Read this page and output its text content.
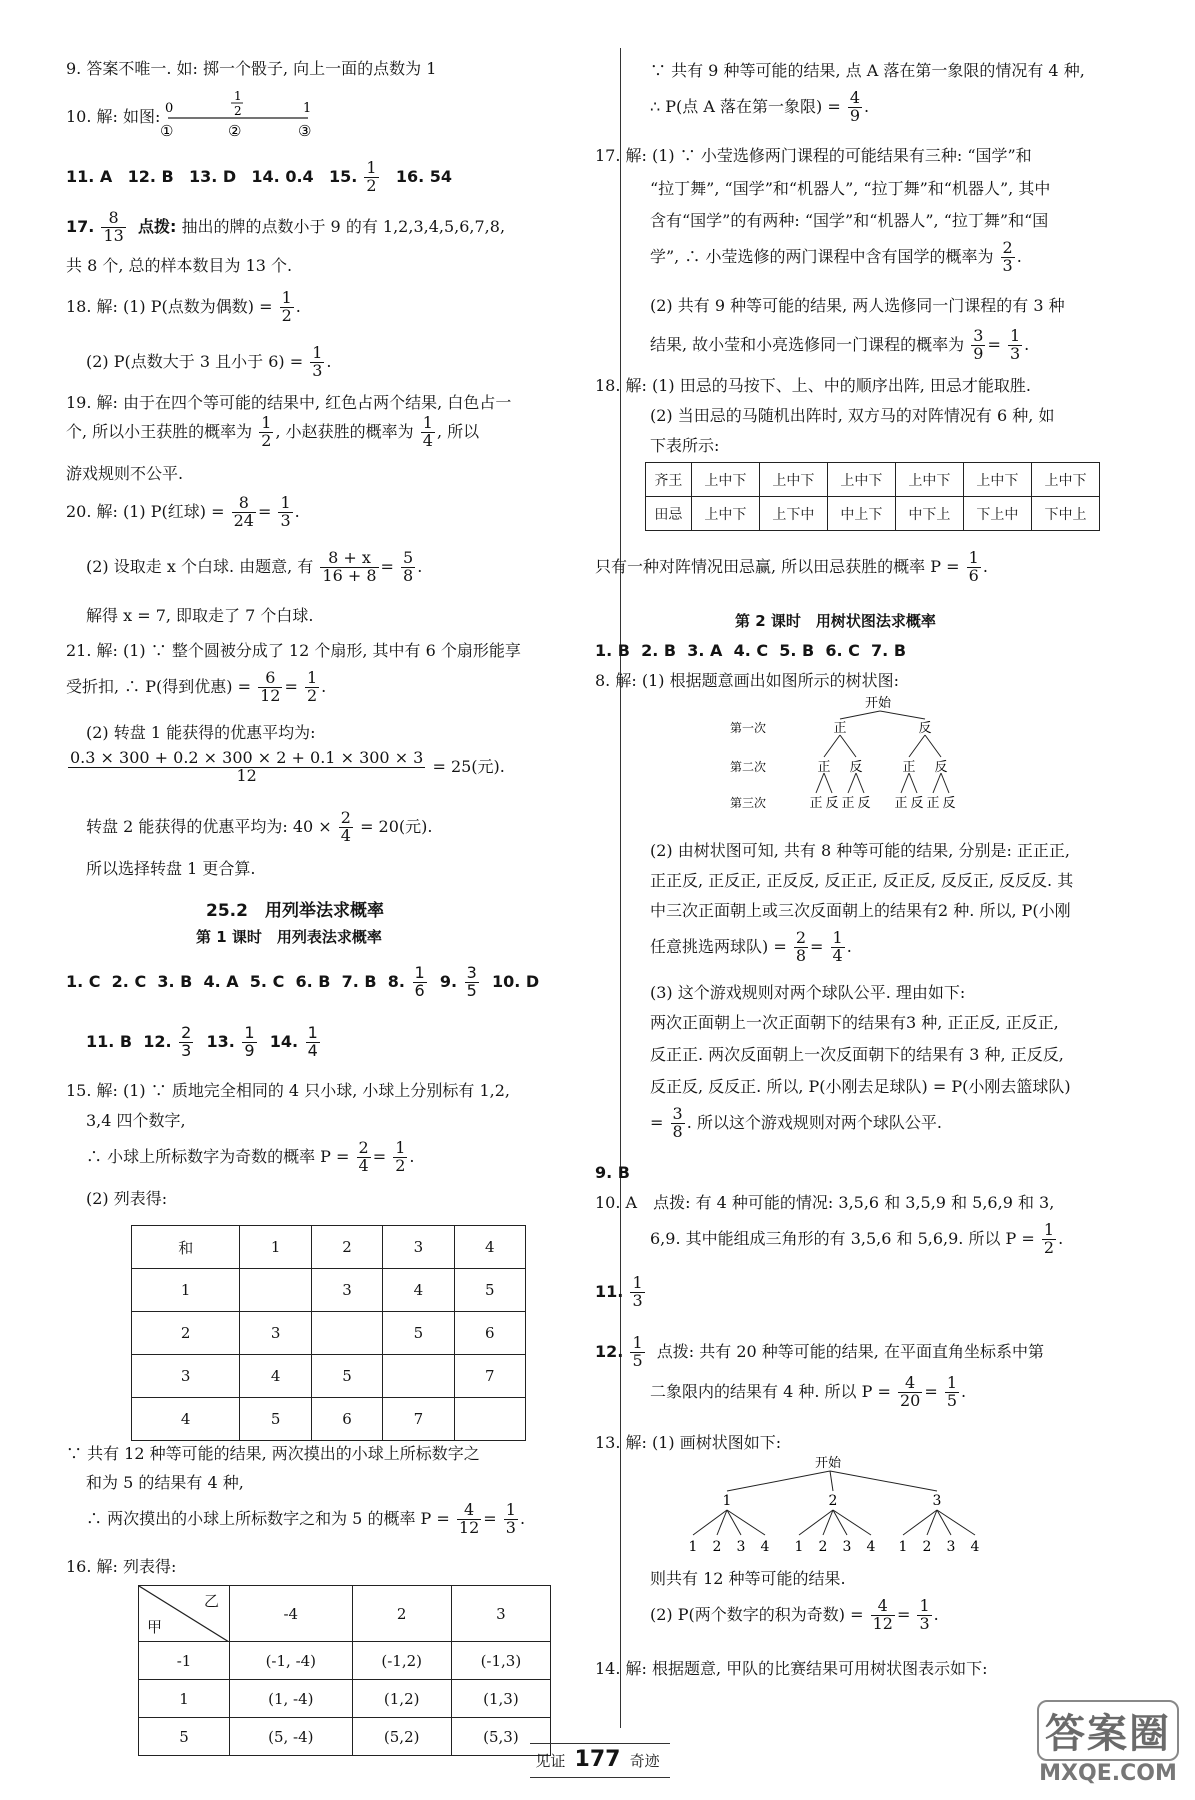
9. 答案不唯一. 如: 掷一个骰子, 向上一面的点数为 1
10. 解: 如图: 0
1
2	1
①	②	③
11. A 12. B 13. D 14. 0.4 15. $\frac{1}{2} 16$. 54
17. $\frac{8}{13}$ 点拨: 抽出的牌的点数小于 9 的有 1,2,3,4,5,6,7,8,
共 8 个, 总的样本数目为 13 个.
18. 解: (1) P(点数为偶数) = $\frac{1}{2}$ .
(2) P(点数大于 3 且小于 $6) = \frac{1}{3}$ .
19. 解: 由于在四个等可能的结果中, 红色占两个结果, 白色占一
个, 所以小王获胜的概率为 $\frac{1}{2}$ , 小赵获胜的概率为 $\frac{1}{4}$ , 所以
游戏规则不公平.
20. 解: (1) P(红球) = $\frac{8}{24} = \frac{1}{3}$ .
(2) 设取走 x 个白球. 由题意, 有 $\frac{8 + x}{16 + 8} = \frac{5}{8}$ .
解得 x = 7, 即取走了 7 个白球.
21. 解: (1) ∵ 整个圆被分成了 12 个扇形, 其中有 6 个扇形能享
受折扣, ∴ P(得到优惠) = $\frac{6}{12} = \frac{1}{2}$ .
(2) 转盘 1 能获得的优惠平均为:
$\frac{0.3 \times 300 + 0.2 \times 300 \times 2 + 0.1 \times 300 \times 3}{12} = 25$(元).
转盘 2 能获得的优惠平均为: $40 \times \frac{2}{4} = 20$(元).
所以选择转盘 1 更合算.
25.2　用列举法求概率
第 1 课时　用列表法求概率
1. C 2. C 3. B 4. A 5. C 6. B 7. B 8. $\frac{1}{6} 9$. $\frac{3}{5} 10$. D
11. B 12. $\frac{2}{3} 13$. $\frac{1}{9} 14$. $\frac{1}{4}$
15. 解: (1) ∵ 质地完全相同的 4 只小球, 小球上分别标有 1,2,
3,4 四个数字,
∴ 小球上所标数字为奇数的概率 $P = \frac{2}{4} = \frac{1}{2}$ .
(2) 列表得:
和	1	2	3	4
1		3	4	5
2	3		5	6
3	4	5		7
4	5	6	7	
∵ 共有 12 种等可能的结果, 两次摸出的小球上所标数字之
和为 5 的结果有 4 种,
∴ 两次摸出的小球上所标数字之和为 5 的概率 $P = \frac{4}{12} = \frac{1}{3}$ .
16. 解: 列表得:
乙
甲	-4	2	3
-1	(-1, -4)	(-1,2)	(-1,3)
1	(1, -4)	(1,2)	(1,3)
5	(5, -4)	(5,2)	(5,3)
∵ 共有 9 种等可能的结果, 点 A 落在第一象限的情况有 4 种,
∴ P(点 A 落在第一象限) = $\frac{4}{9}$ .
17. 解: (1) ∵ 小莹选修两门课程的可能结果有三种: “国学”和
“拉丁舞”, “国学”和“机器人”, “拉丁舞”和“机器人”, 其中
含有“国学”的有两种: “国学”和“机器人”, “拉丁舞”和“国
学”, ∴ 小莹选修的两门课程中含有国学的概率为 $\frac{2}{3}$ .
(2) 共有 9 种等可能的结果, 两人选修同一门课程的有 3 种
结果, 故小莹和小亮选修同一门课程的概率为 $\frac{3}{9} = \frac{1}{3}$ .
18. 解: (1) 田忌的马按下、上、中的顺序出阵, 田忌才能取胜.
(2) 当田忌的马随机出阵时, 双方马的对阵情况有 6 种, 如
下表所示:
齐王	上中下	上中下	上中下	上中下	上中下	上中下
田忌	上中下	上下中	中上下	中下上	下上中	下中上
只有一种对阵情况田忌赢, 所以田忌获胜的概率 $P = \frac{1}{6}$ .
第 2 课时　用树状图法求概率
1. B 2. B 3. A 4. C 5. B 6. C 7. B
8. 解: (1) 根据题意画出如图所示的树状图:
开始
第一次
第二次
第三次
正	反
正 反	正 反
正 反 正 反 正 反 正 反
(2) 由树状图可知, 共有 8 种等可能的结果, 分别是: 正正正,
正正反, 正反正, 正反反, 反正正, 反正反, 反反正, 反反反. 其
中三次正面朝上或三次反面朝上的结果有2 种. 所以, P(小刚
任意挑选两球队) = $\frac{2}{8} = \frac{1}{4}$ .
(3) 这个游戏规则对两个球队公平. 理由如下:
两次正面朝上一次正面朝下的结果有3 种, 正正反, 正反正,
反正正. 两次反面朝上一次反面朝下的结果有 3 种, 正反反,
反正反, 反反正. 所以, P(小刚去足球队) = P(小刚去篮球队)
= $\frac{3}{8}$ . 所以这个游戏规则对两个球队公平.
9. B
10. A　点拨: 有 4 种可能的情况: 3,5,6 和 3,5,9 和 5,6,9 和 3,
6,9. 其中能组成三角形的有 3,5,6 和 5,6,9. 所以 $P = \frac{1}{2}$ .
11. $\frac{1}{3}$
12. $\frac{1}{5}$ 点拨: 共有 20 种等可能的结果, 在平面直角坐标系中第
二象限内的结果有 4 种. 所以 $P = \frac{4}{20} = \frac{1}{5}$ .
13. 解: (1) 画树状图如下:
开始
1	2	3
1 2 3 4 1 2 3 4 1 2 3 4
则共有 12 种等可能的结果.
(2) P(两个数字的积为奇数) = $\frac{4}{12} = \frac{1}{3}$ .
14. 解: 根据题意, 甲队的比赛结果可用树状图表示如下:
见证 177 奇迹
答案圈
MXQE.COM
